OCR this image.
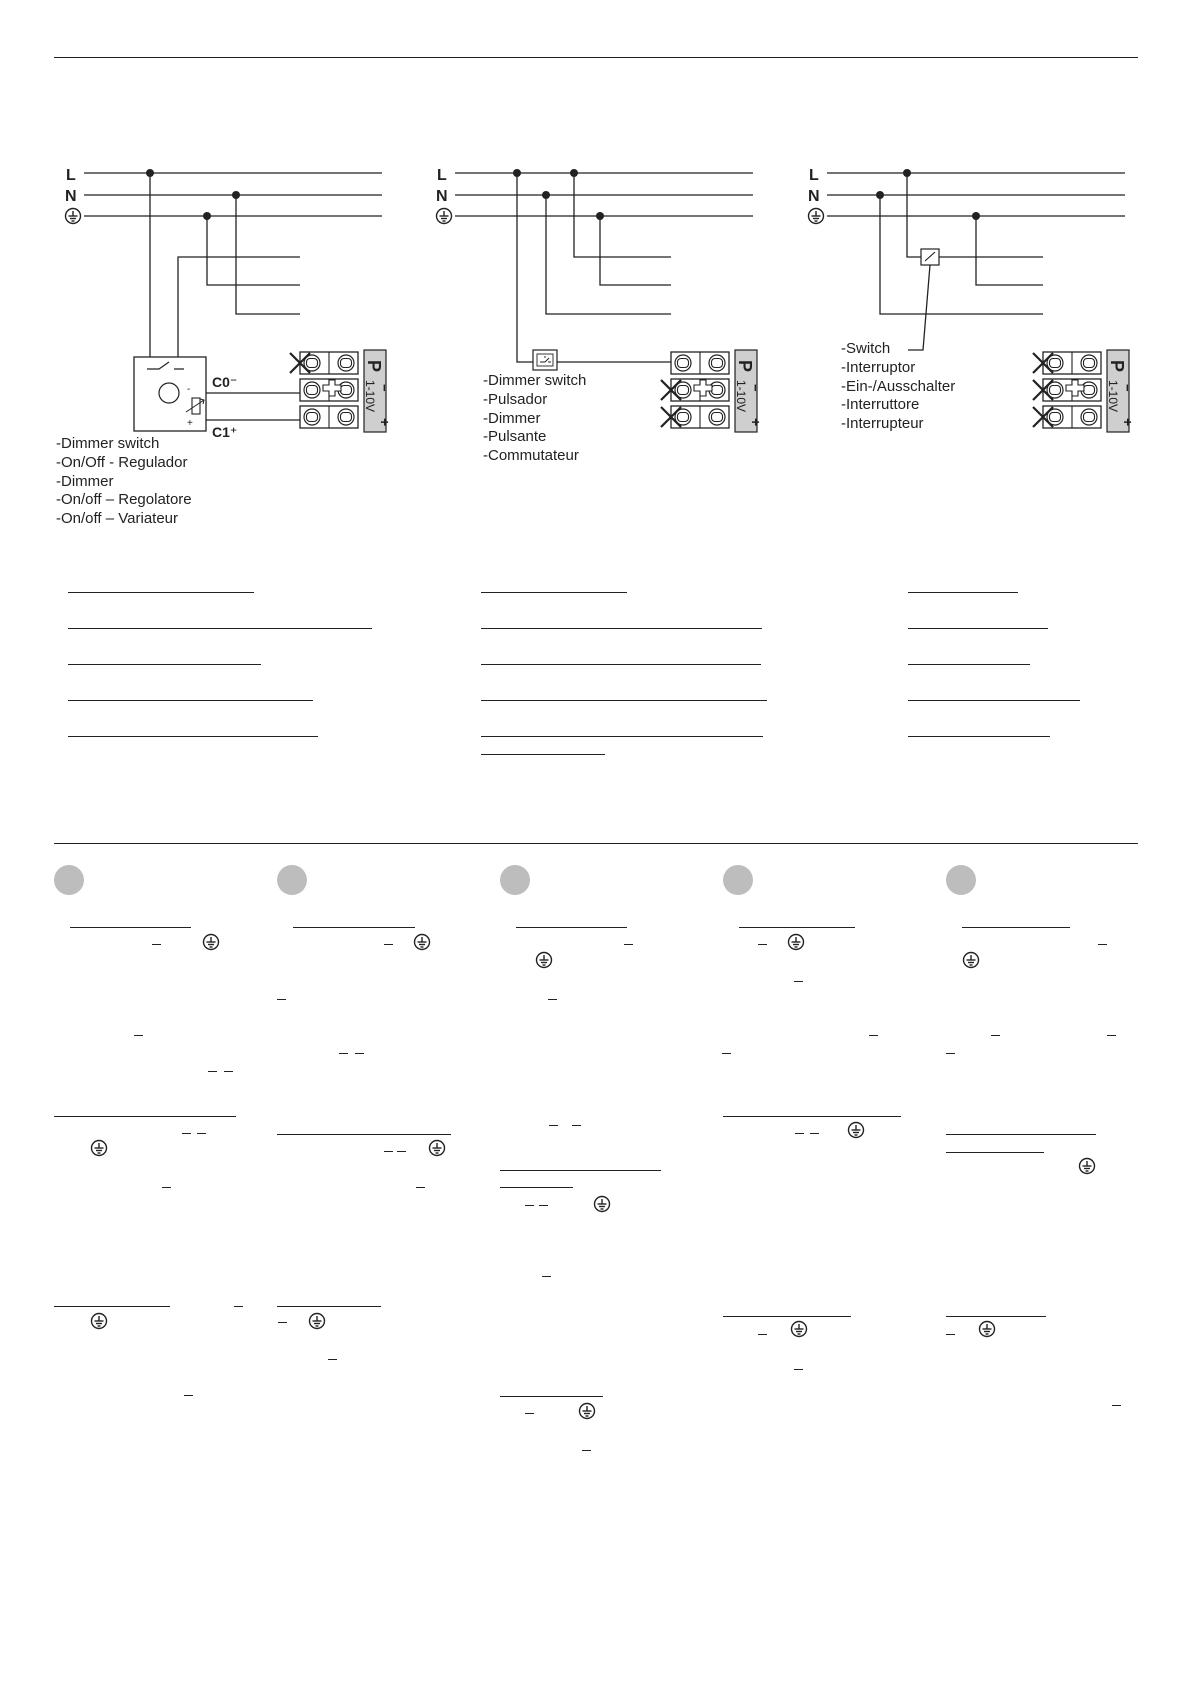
L
N
-
+
C0⁻
C1⁺
P
−
1-10V
+
L
N
P
−
1-10V
+
L
N
P
−
1-10V
+
-Dimmer switch
-On/Off - Regulador
-Dimmer
-On/off – Regolatore
-On/off – Variateur
-Dimmer switch
-Pulsador
-Dimmer
-Pulsante
-Commutateur
-Switch
-Interruptor
-Ein-/Ausschalter
-Interruttore
-Interrupteur
